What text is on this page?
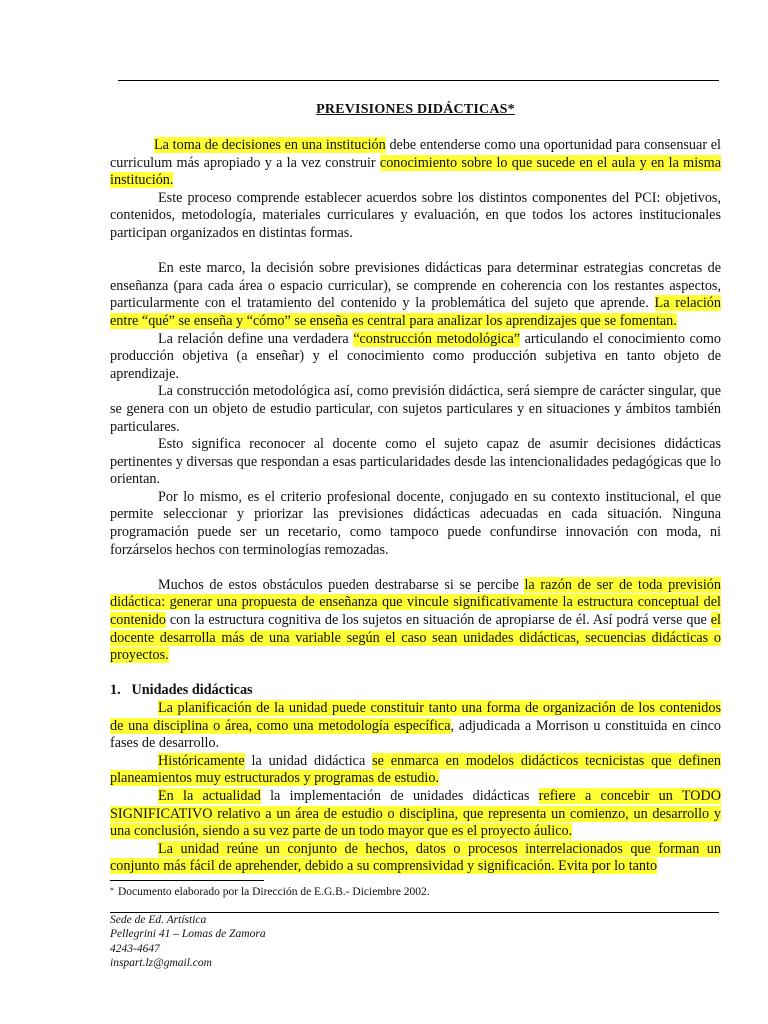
PREVISIONES DIDÁCTICAS*

La toma de decisiones en una institución debe entenderse como una oportunidad para consensuar el curriculum más apropiado y a la vez construir conocimiento sobre lo que sucede en el aula y en la misma institución.

Este proceso comprende establecer acuerdos sobre los distintos componentes del PCI: objetivos, contenidos, metodología, materiales curriculares y evaluación, en que todos los actores institucionales participan organizados en distintas formas.

En este marco, la decisión sobre previsiones didácticas para determinar estrategias concretas de enseñanza (para cada área o espacio curricular), se comprende en coherencia con los restantes aspectos, particularmente con el tratamiento del contenido y la problemática del sujeto que aprende. La relación entre “qué” se enseña y “cómo” se enseña es central para analizar los aprendizajes que se fomentan.

La relación define una verdadera “construcción metodológica” articulando el conocimiento como producción objetiva (a enseñar) y el conocimiento como producción subjetiva en tanto objeto de aprendizaje.

La construcción metodológica así, como previsión didáctica, será siempre de carácter singular, que se genera con un objeto de estudio particular, con sujetos particulares y en situaciones y ámbitos también particulares.

Esto significa reconocer al docente como el sujeto capaz de asumir decisiones didácticas pertinentes y diversas que respondan a esas particularidades desde las intencionalidades pedagógicas que lo orientan.

Por lo mismo, es el criterio profesional docente, conjugado en su contexto institucional, el que permite seleccionar y priorizar las previsiones didácticas adecuadas en cada situación. Ninguna programación puede ser un recetario, como tampoco puede confundirse innovación con moda, ni forzárselos hechos con terminologías remozadas.

Muchos de estos obstáculos pueden destrabarse si se percibe la razón de ser de toda previsión didáctica: generar una propuesta de enseñanza que vincule significativamente la estructura conceptual del contenido con la estructura cognitiva de los sujetos en situación de apropiarse de él. Así podrá verse que el docente desarrolla más de una variable según el caso sean unidades didácticas, secuencias didácticas o proyectos.

1. Unidades didácticas

La planificación de la unidad puede constituir tanto una forma de organización de los contenidos de una disciplina o área, como una metodología específica, adjudicada a Morrison u constituida en cinco fases de desarrollo.

Históricamente la unidad didáctica se enmarca en modelos didácticos tecnicistas que definen planeamientos muy estructurados y programas de estudio.

En la actualidad la implementación de unidades didácticas refiere a concebir un TODO SIGNIFICATIVO relativo a un área de estudio o disciplina, que representa un comienzo, un desarrollo y una conclusión, siendo a su vez parte de un todo mayor que es el proyecto áulico.

La unidad reúne un conjunto de hechos, datos o procesos interrelacionados que forman un conjunto más fácil de aprehender, debido a su comprensividad y significación. Evita por lo tanto

* Documento elaborado por la Dirección de E.G.B.- Diciembre 2002.
Sede de Ed. Artística
Pellegrini 41 – Lomas de Zamora
4243-4647
inspart.lz@gmail.com
